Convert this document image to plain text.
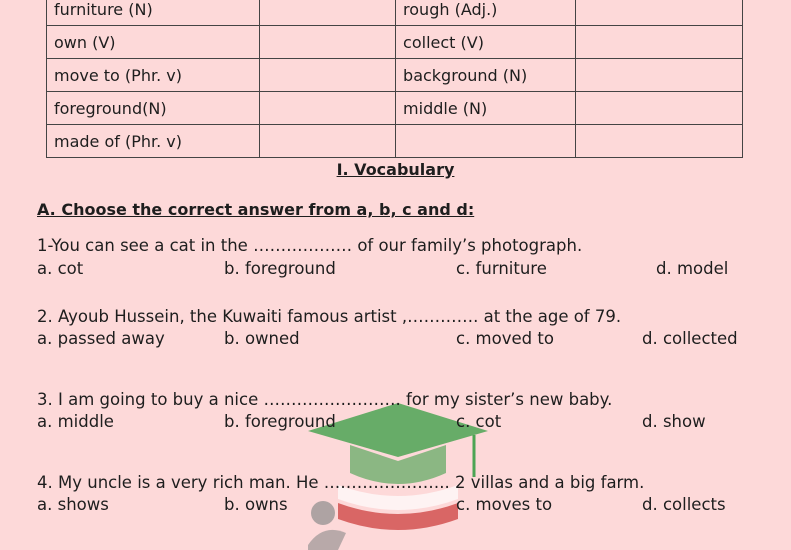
furniture (N)		rough (Adj.)	
own (V)		collect (V)	
move to (Phr. v)		background (N)	
foreground(N)		middle (N)	
made of (Phr. v)			
I. Vocabulary
A. Choose the correct answer from a, b, c and d:
1-You can see a cat in the ……………… of our family’s photograph.
a. cot	b. foreground	c. furniture	d. model
2. Ayoub Hussein, the Kuwaiti famous artist ,…………. at the age of 79.
a. passed away	b. owned	c. moved to	d. collected
3. I am going to buy a nice ……………………. for my sister’s new baby.
a. middle	b. foreground	c. cot	d. show
4. My uncle is a very rich man. He ………………….. 2 villas and a big farm.
a. shows	b. owns	c. moves to	d. collects
